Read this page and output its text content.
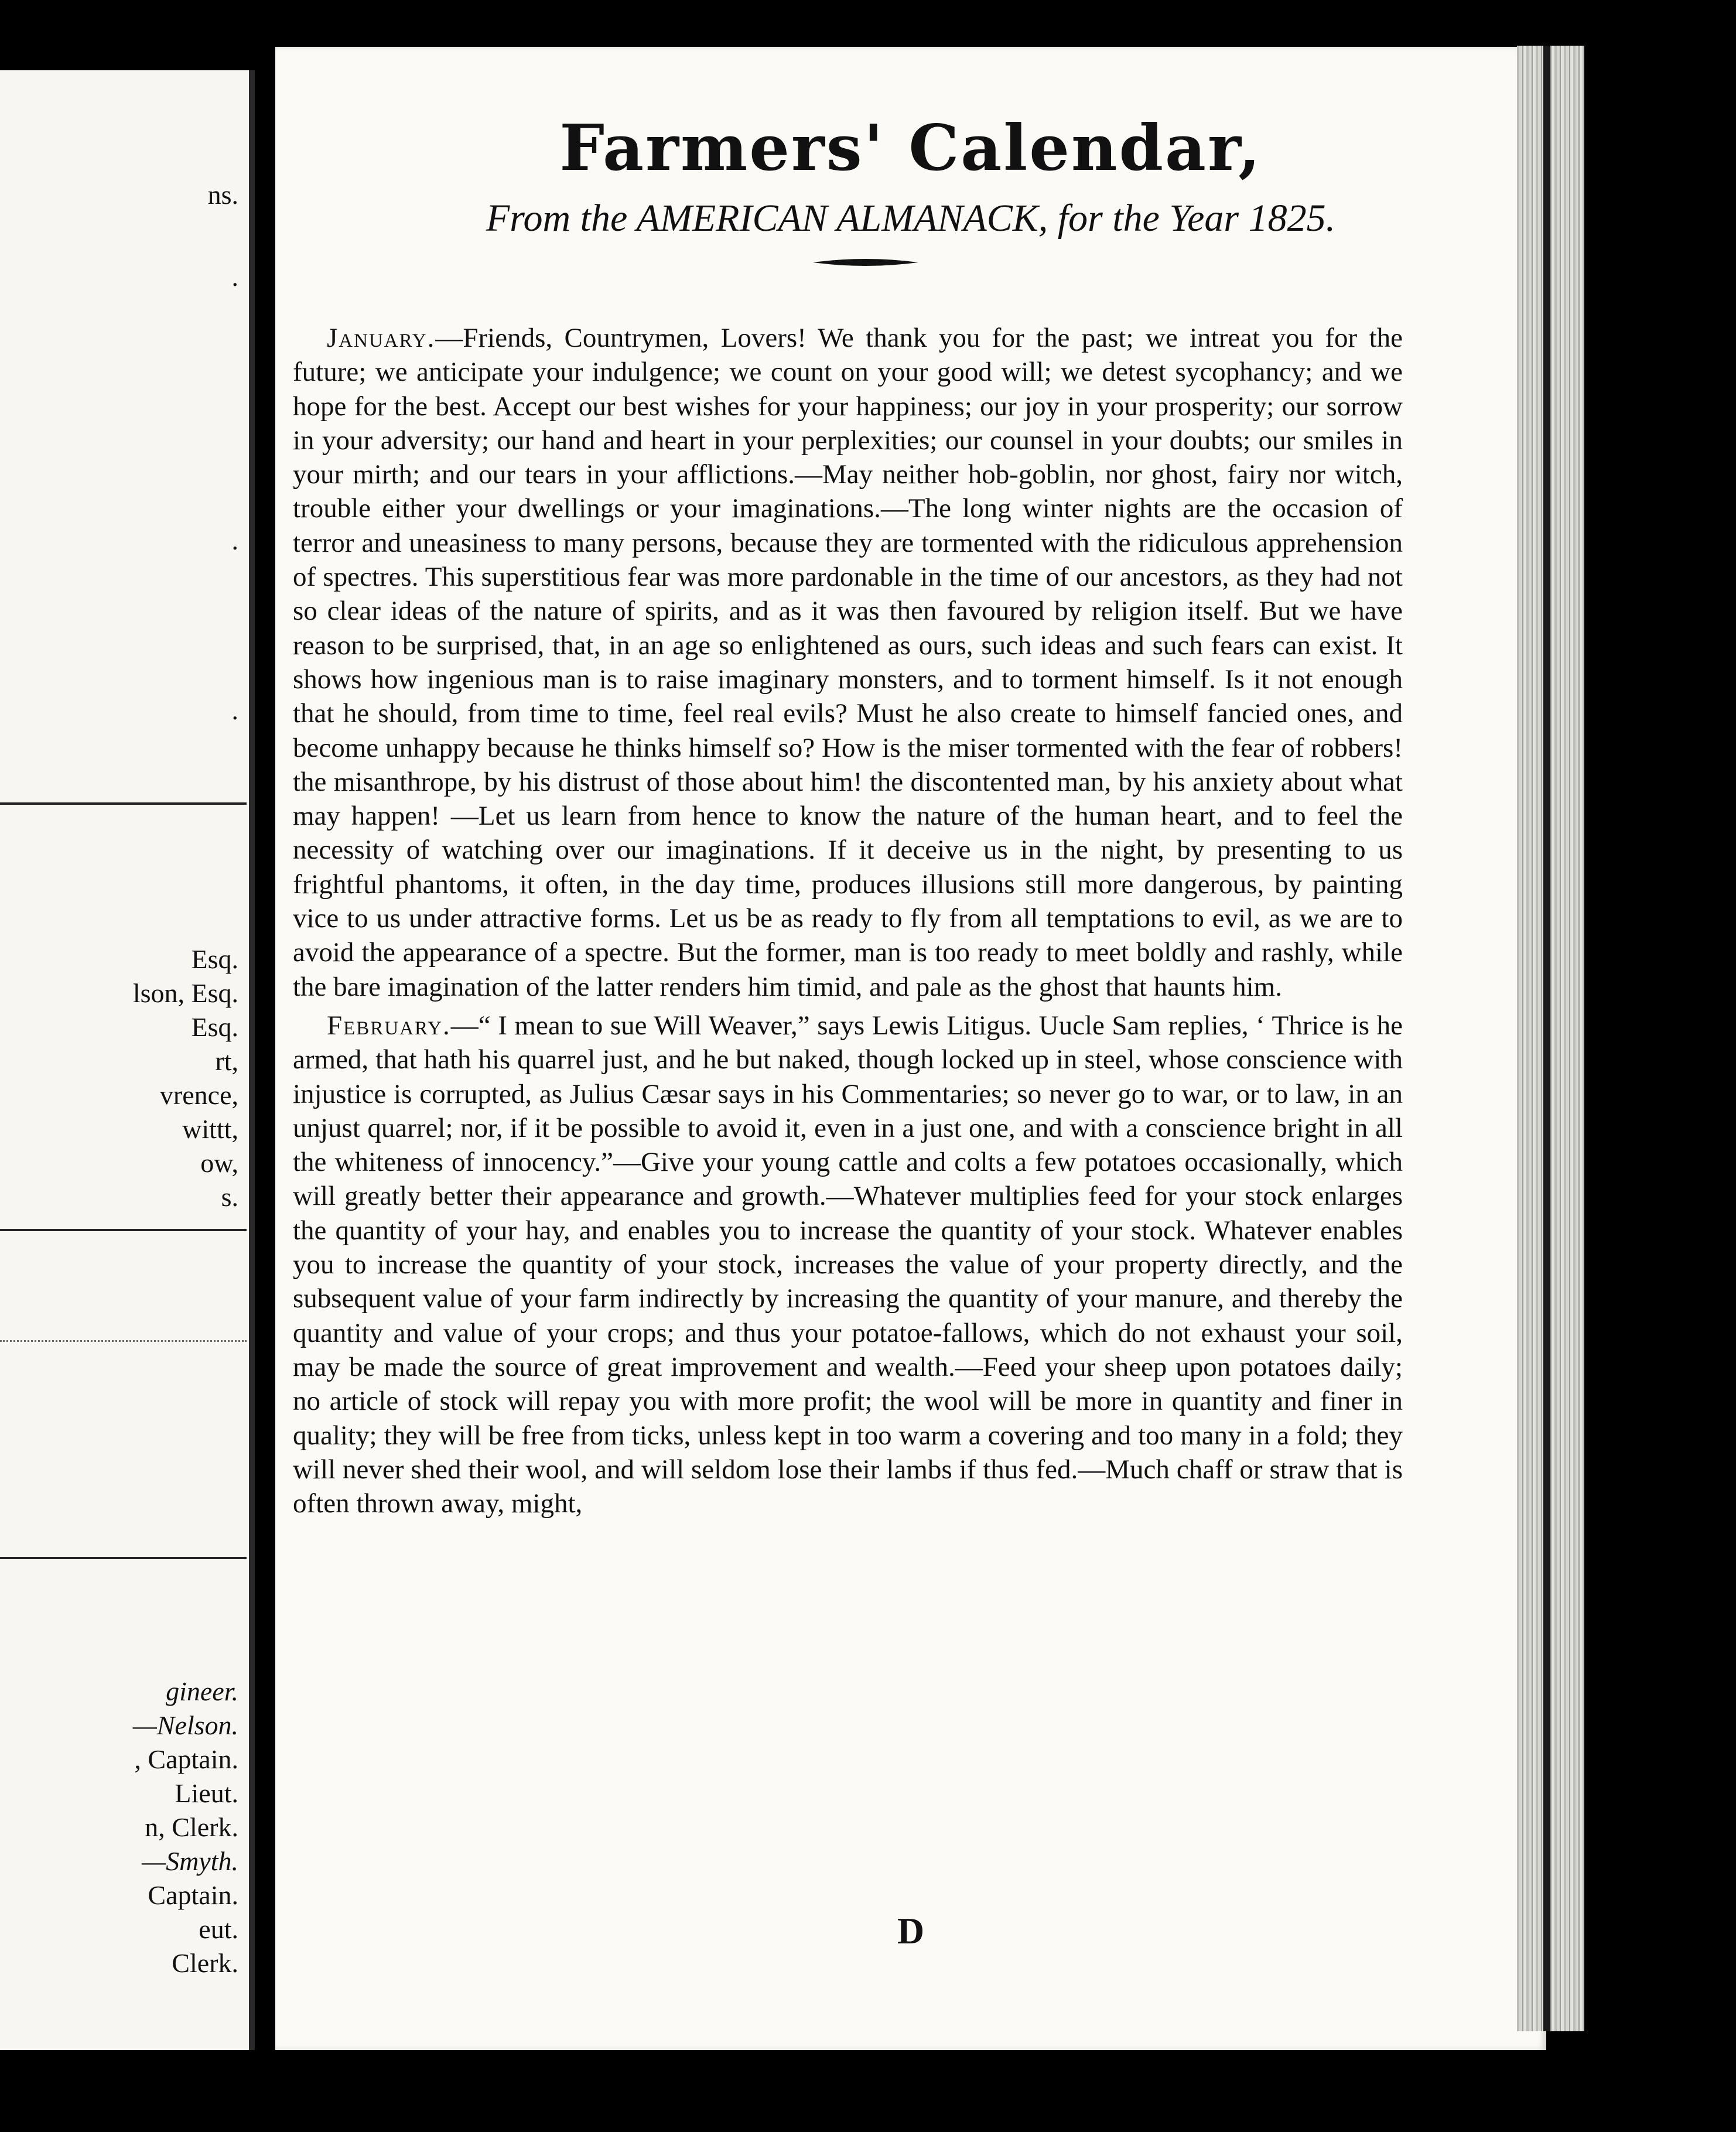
ns.
.
.
.
Esq.
lson, Esq.
Esq.
rt,
vrence,
wittt,
ow,
s.
gineer.
—Nelson.
, Captain.
Lieut.
n, Clerk.
—Smyth.
Captain.
eut.
Clerk.
Farmers' Calendar,
From the AMERICAN ALMANACK, for the Year 1825.

January.—Friends, Countrymen, Lovers! We thank you for the past; we intreat you for the future; we anticipate your indulgence; we count on your good will; we detest sycophancy; and we hope for the best. Accept our best wishes for your happiness; our joy in your prosperity; our sorrow in your adversity; our hand and heart in your perplexities; our counsel in your doubts; our smiles in your mirth; and our tears in your afflictions.—May neither hob-goblin, nor ghost, fairy nor witch, trouble either your dwellings or your imaginations.—The long winter nights are the occasion of terror and uneasiness to many persons, because they are tormented with the ridiculous apprehension of spectres. This superstitious fear was more pardonable in the time of our ancestors, as they had not so clear ideas of the nature of spirits, and as it was then favoured by religion itself. But we have reason to be surprised, that, in an age so enlightened as ours, such ideas and such fears can exist. It shows how ingenious man is to raise imaginary monsters, and to torment himself. Is it not enough that he should, from time to time, feel real evils? Must he also create to himself fancied ones, and become unhappy because he thinks himself so? How is the miser tormented with the fear of robbers! the misanthrope, by his distrust of those about him! the discontented man, by his anxiety about what may happen! —Let us learn from hence to know the nature of the human heart, and to feel the necessity of watching over our imaginations. If it deceive us in the night, by presenting to us frightful phantoms, it often, in the day time, produces illusions still more dangerous, by painting vice to us under attractive forms. Let us be as ready to fly from all temptations to evil, as we are to avoid the appearance of a spectre. But the former, man is too ready to meet boldly and rashly, while the bare imagination of the latter renders him timid, and pale as the ghost that haunts him.

February.—“ I mean to sue Will Weaver,” says Lewis Litigus. Uucle Sam replies, ‘ Thrice is he armed, that hath his quarrel just, and he but naked, though locked up in steel, whose conscience with injustice is corrupted, as Julius Cæsar says in his Commentaries; so never go to war, or to law, in an unjust quarrel; nor, if it be possible to avoid it, even in a just one, and with a conscience bright in all the whiteness of innocency.”—Give your young cattle and colts a few potatoes occasionally, which will greatly better their appearance and growth.—Whatever multiplies feed for your stock enlarges the quantity of your hay, and enables you to increase the quantity of your stock. Whatever enables you to increase the quantity of your stock, increases the value of your property directly, and the subsequent value of your farm indirectly by increasing the quantity of your manure, and thereby the quantity and value of your crops; and thus your potatoe-fallows, which do not exhaust your soil, may be made the source of great improvement and wealth.—Feed your sheep upon potatoes daily; no article of stock will repay you with more profit; the wool will be more in quantity and finer in quality; they will be free from ticks, unless kept in too warm a covering and too many in a fold; they will never shed their wool, and will seldom lose their lambs if thus fed.—Much chaff or straw that is often thrown away, might,

D
